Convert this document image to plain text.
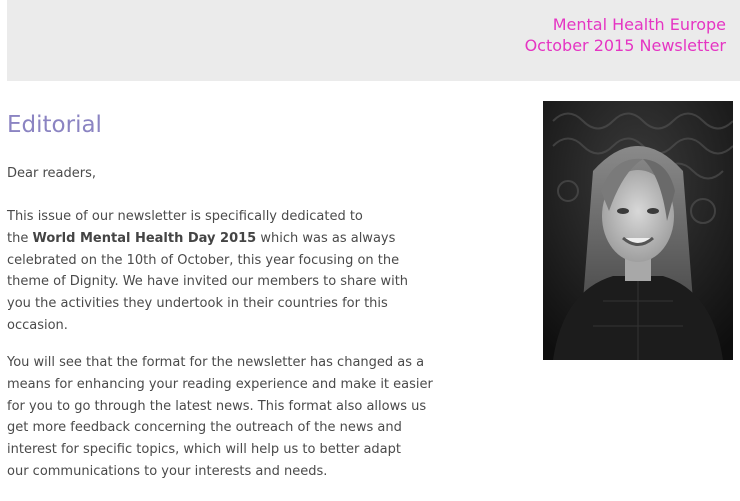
Mental Health Europe
October 2015 Newsletter
Editorial

Dear readers,

This issue of our newsletter is specifically dedicated to
the World Mental Health Day 2015 which was as always
celebrated on the 10th of October, this year focusing on the
theme of Dignity. We have invited our members to share with
you the activities they undertook in their countries for this
occasion.

You will see that the format for the newsletter has changed as a
means for enhancing your reading experience and make it easier
for you to go through the latest news. This format also allows us
get more feedback concerning the outreach of the news and
interest for specific topics, which will help us to better adapt
our communications to your interests and needs.
